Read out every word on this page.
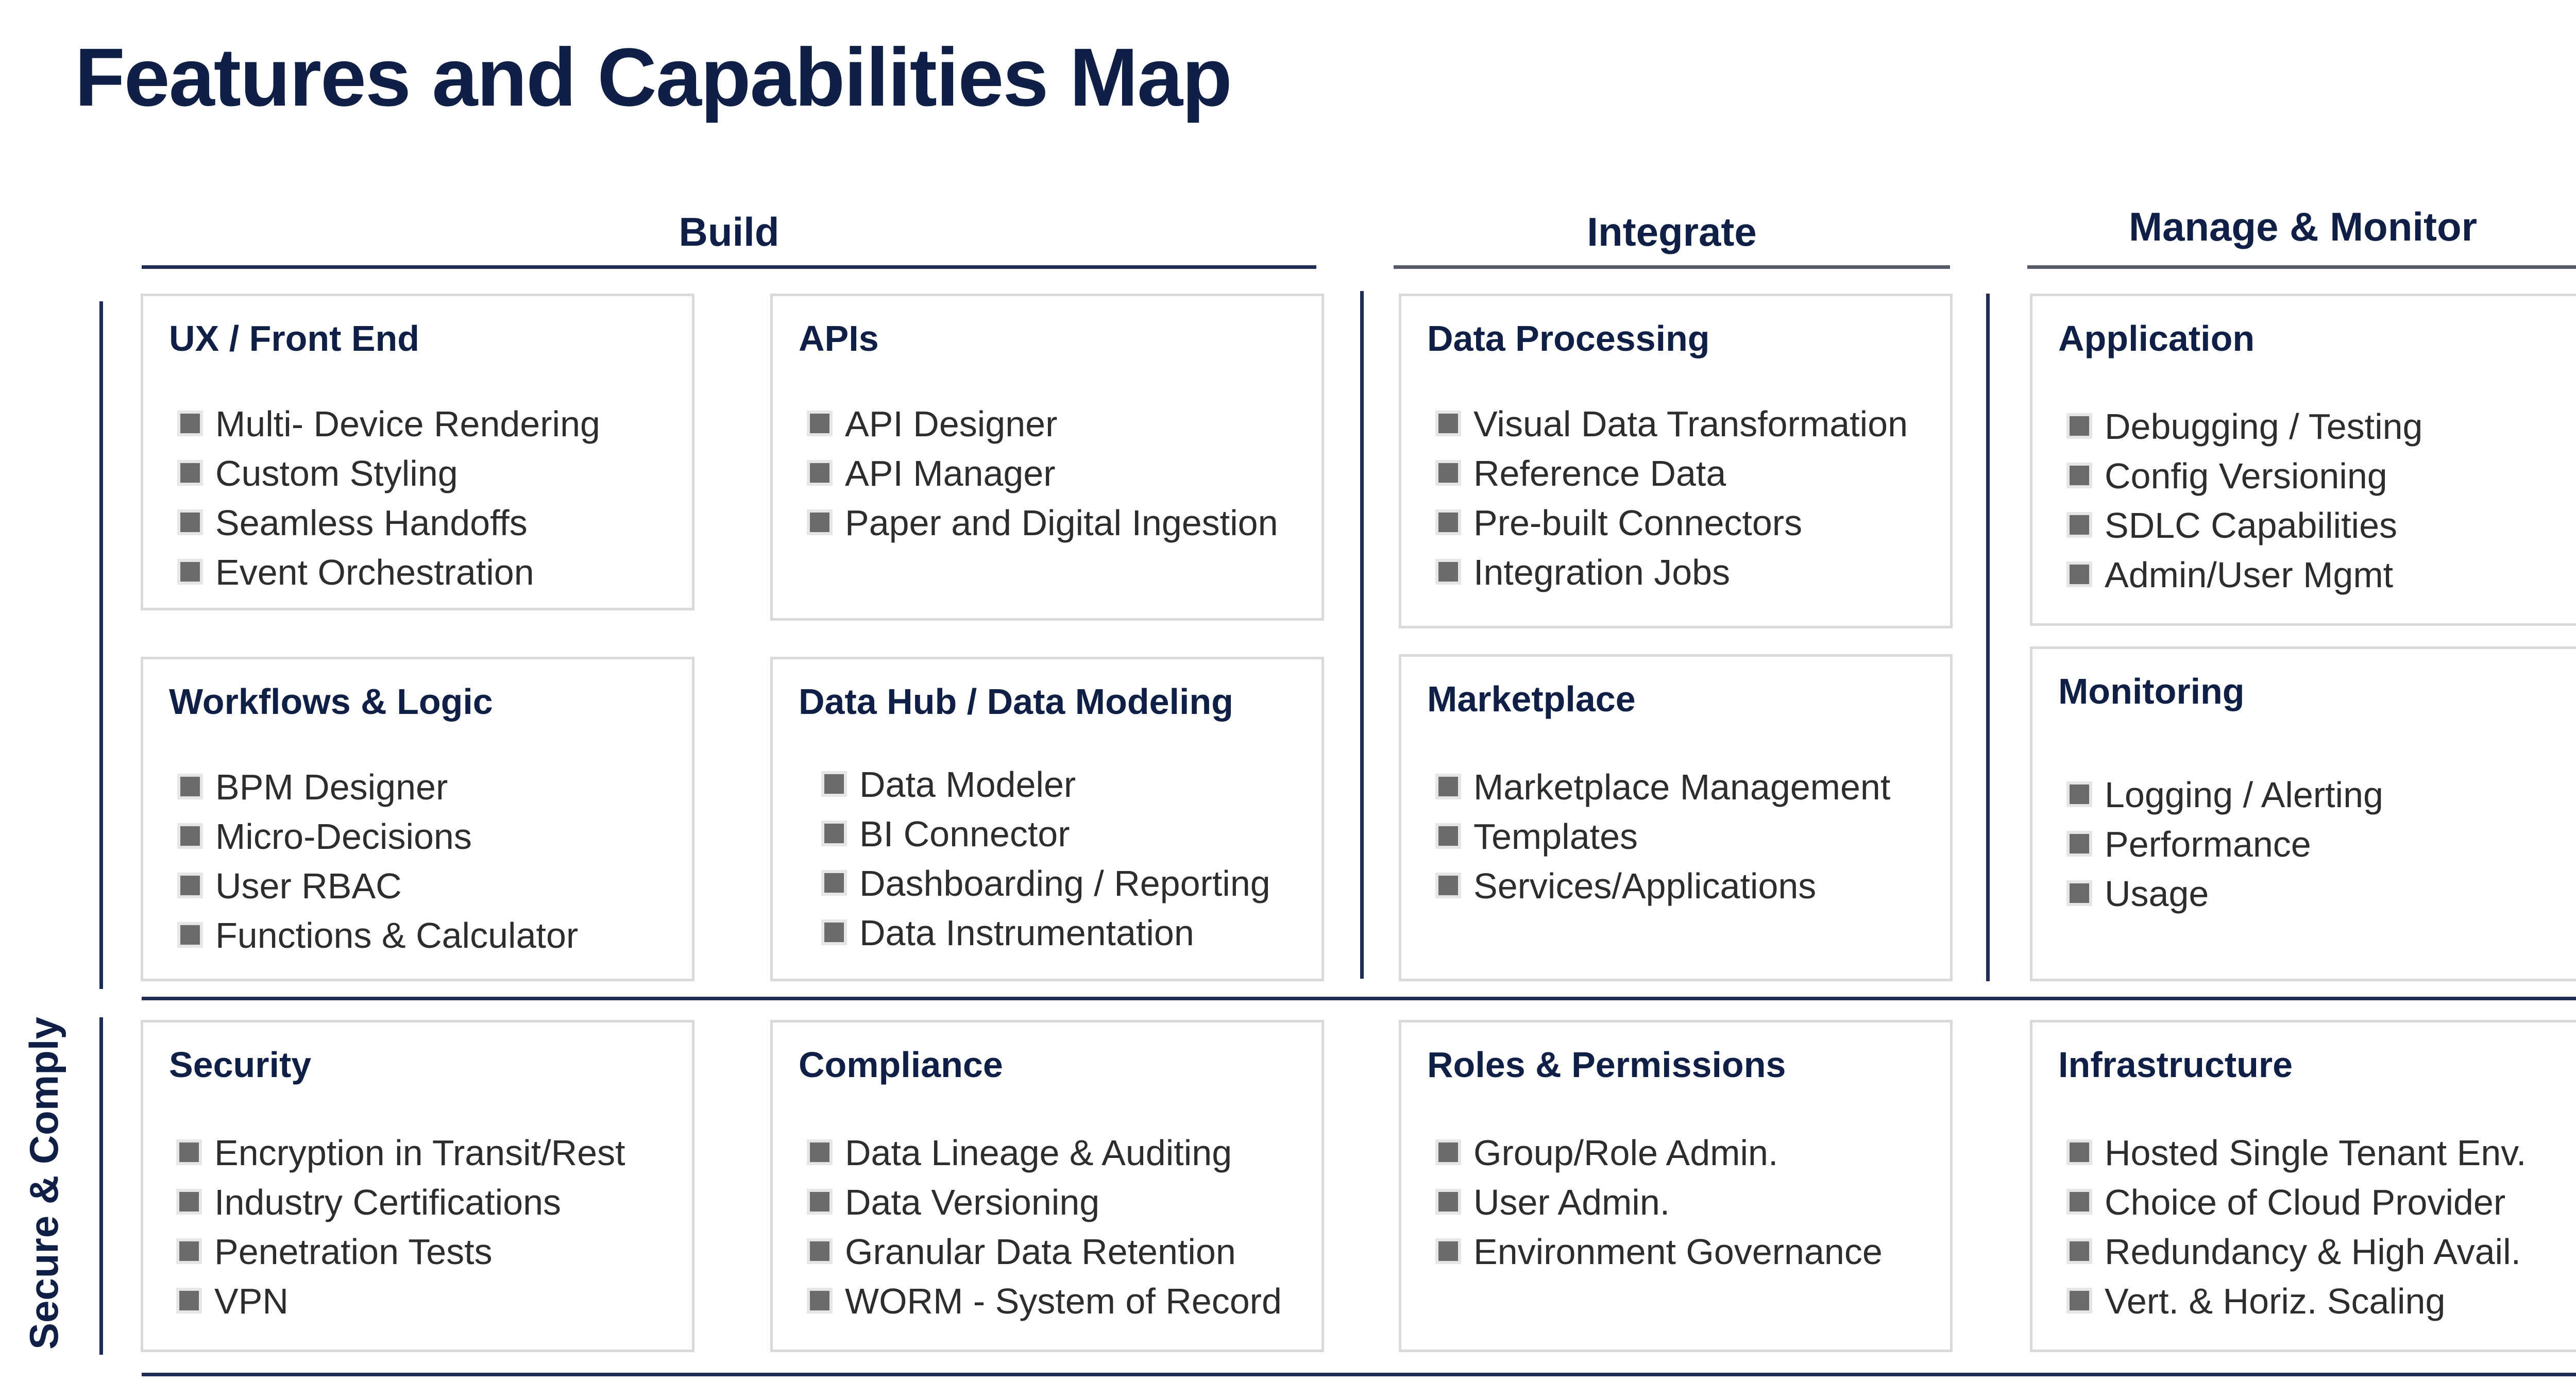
Features and Capabilities Map
Build	Integrate	Manage & Monitor
Secure & Comply
UX / Front End
Multi- Device Rendering
Custom Styling
Seamless Handoffs
Event Orchestration
APIs
API Designer
API Manager
Paper and Digital Ingestion
Data Processing
Visual Data Transformation
Reference Data
Pre-built Connectors
Integration Jobs
Application
Debugging / Testing
Config Versioning
SDLC Capabilities
Admin/User Mgmt
Workflows & Logic
BPM Designer
Micro-Decisions
User RBAC
Functions & Calculator
Data Hub / Data Modeling
Data Modeler
BI Connector
Dashboarding / Reporting
Data Instrumentation
Marketplace
Marketplace Management
Templates
Services/Applications
Monitoring
Logging / Alerting
Performance
Usage
Security
Encryption in Transit/Rest
Industry Certifications
Penetration Tests
VPN
Compliance
Data Lineage & Auditing
Data Versioning
Granular Data Retention
WORM - System of Record
Roles & Permissions
Group/Role Admin.
User Admin.
Environment Governance
Infrastructure
Hosted Single Tenant Env.
Choice of Cloud Provider
Redundancy & High Avail.
Vert. & Horiz. Scaling
